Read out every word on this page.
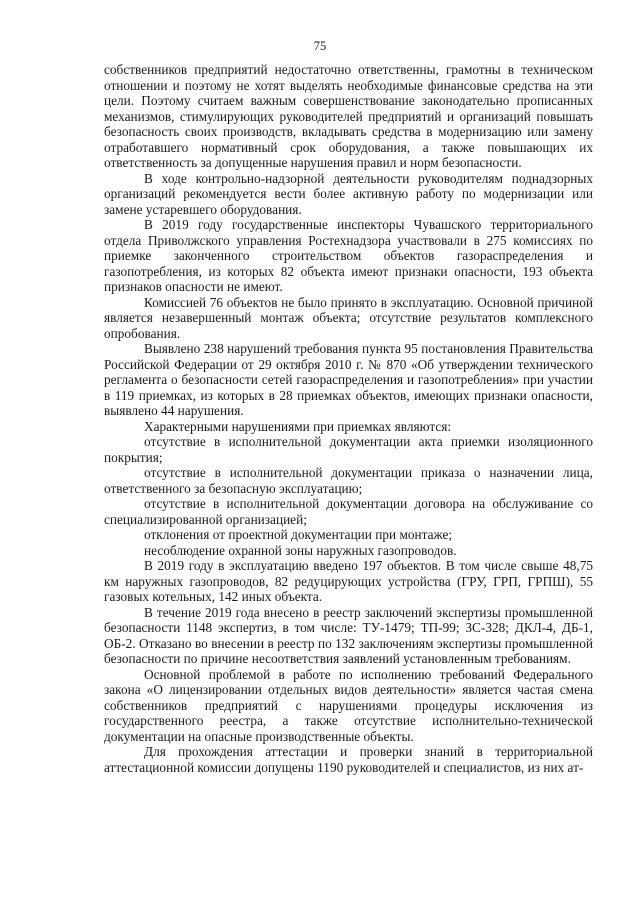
75

собственников предприятий недостаточно ответственны, грамотны в техническом отношении и поэтому не хотят выделять необходимые финансовые средства на эти цели. Поэтому считаем важным совершенствование законодательно прописанных механизмов, стимулирующих руководителей предприятий и организаций повышать безопасность своих производств, вкладывать средства в модернизацию или замену отработавшего нормативный срок оборудования, а также повышающих их ответственность за допущенные нарушения правил и норм безопасности.

В ходе контрольно-надзорной деятельности руководителям поднадзорных организаций рекомендуется вести более активную работу по модернизации или замене устаревшего оборудования.

В 2019 году государственные инспекторы Чувашского территориального отдела Приволжского управления Ростехнадзора участвовали в 275 комиссиях по приемке законченного строительством объектов газораспределения и газопотребления, из которых 82 объекта имеют признаки опасности, 193 объекта признаков опасности не имеют.

Комиссией 76 объектов не было принято в эксплуатацию. Основной причиной является незавершенный монтаж объекта; отсутствие результатов комплексного опробования.

Выявлено 238 нарушений требования пункта 95 постановления Правительства Российской Федерации от 29 октября 2010 г. № 870 «Об утверждении технического регламента о безопасности сетей газораспределения и газопотребления» при участии в 119 приемках, из которых в 28 приемках объектов, имеющих признаки опасности, выявлено 44 нарушения.

Характерными нарушениями при приемках являются:

отсутствие в исполнительной документации акта приемки изоляционного покрытия;

отсутствие в исполнительной документации приказа о назначении лица, ответственного за безопасную эксплуатацию;

отсутствие в исполнительной документации договора на обслуживание со специализированной организацией;

отклонения от проектной документации при монтаже;

несоблюдение охранной зоны наружных газопроводов.

В 2019 году в эксплуатацию введено 197 объектов. В том числе свыше 48,75 км наружных газопроводов, 82 редуцирующих устройства (ГРУ, ГРП, ГРПШ), 55 газовых котельных, 142 иных объекта.

В течение 2019 года внесено в реестр заключений экспертизы промышленной безопасности 1148 экспертиз, в том числе: ТУ-1479; ТП-99; ЗС-328; ДКЛ-4, ДБ-1, ОБ-2. Отказано во внесении в реестр по 132 заключениям экспертизы промышленной безопасности по причине несоответствия заявлений установленным требованиям.

Основной проблемой в работе по исполнению требований Федерального закона «О лицензировании отдельных видов деятельности» является частая смена собственников предприятий с нарушениями процедуры исключения из государственного реестра, а также отсутствие исполнительно-технической документации на опасные производственные объекты.

Для прохождения аттестации и проверки знаний в территориальной аттестационной комиссии допущены 1190 руководителей и специалистов, из них ат-
